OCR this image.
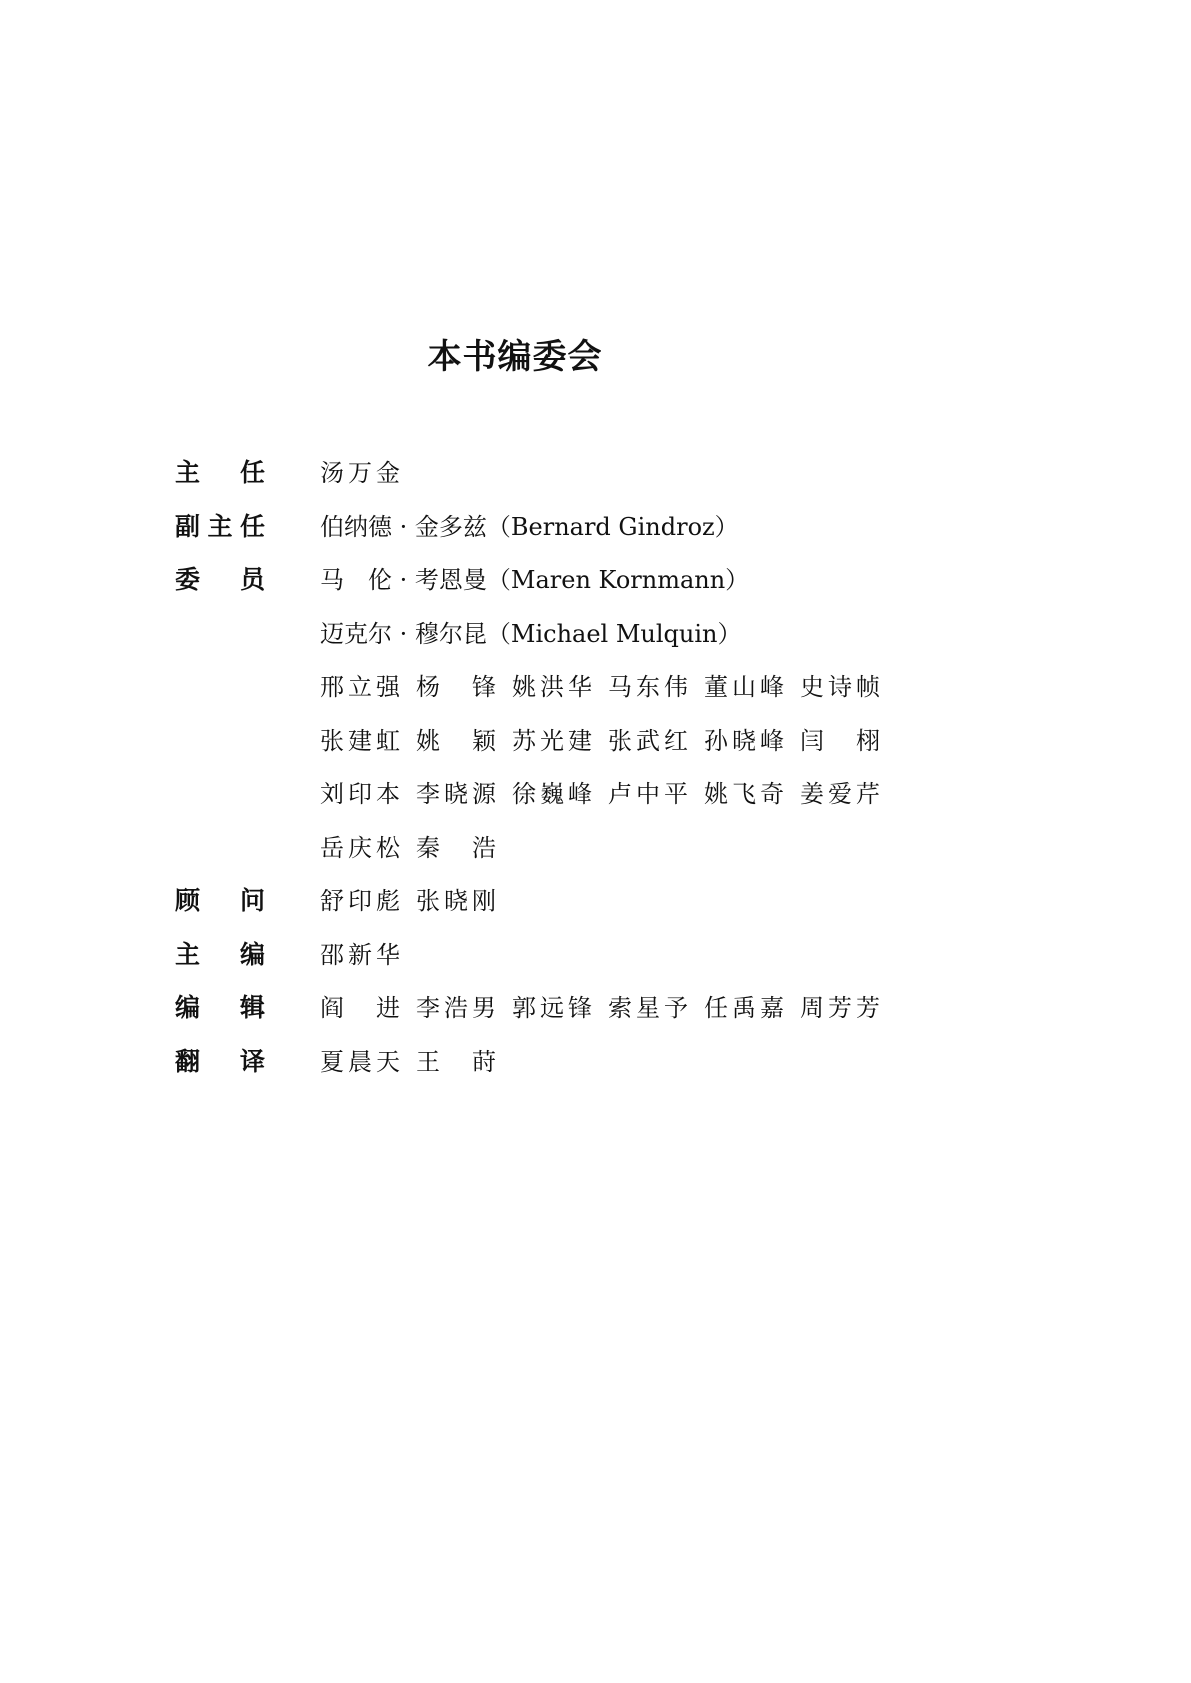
本书编委会
主 任 汤 万 金
副 主 任 伯纳德 · 金多兹（Bernard Gindroz）
委 员 马　伦 · 考恩曼（Maren Kornmann）
迈克尔 · 穆尔昆（Michael Mulquin）
邢 立 强 杨 锋 姚 洪 华 马 东 伟 董 山 峰 史 诗 帧
张 建 虹 姚 颖 苏 光 建 张 武 红 孙 晓 峰 闫 栩
刘 印 本 李 晓 源 徐 巍 峰 卢 中 平 姚 飞 奇 姜 爱 芹
岳 庆 松 秦 浩
顾 问 舒 印 彪 张 晓 刚
主 编 邵 新 华
编 辑 阎 进 李 浩 男 郭 远 锋 索 星 予 任 禹 嘉 周 芳 芳
翻 译 夏 晨 天 王 莳
